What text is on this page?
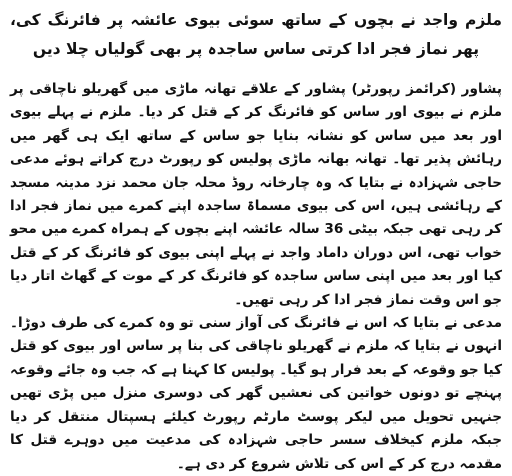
ملزم واجد نے بچوں کے ساتھ سوئی بیوی عائشہ پر فائرنگ کی، پھر نماز فجر ادا کرتی ساس ساجدہ پر بھی گولیاں چلا دیں

پشاور (کرائمز رپورٹر) پشاور کے علاقے تھانہ ماڑی میں گھریلو ناچاقی پر ملزم نے بیوی اور ساس کو فائرنگ کر کے قتل کر دیا۔ ملزم نے پہلے بیوی اور بعد میں ساس کو نشانہ بنایا جو ساس کے ساتھ ایک ہی گھر میں رہائش پذیر تھا۔ تھانہ بھانہ ماڑی پولیس کو رپورٹ درج کراتے ہوئے مدعی حاجی شہزادہ نے بتایا کہ وہ چارخانہ روڈ محلہ جان محمد نزد مدینہ مسجد کے رہائشی ہیں، اس کی بیوی مسماۃ ساجدہ اپنے کمرے میں نماز فجر ادا کر رہی تھی جبکہ بیٹی 36 سالہ عائشہ اپنے بچوں کے ہمراہ کمرے میں محو خواب تھی، اس دوران داماد واجد نے پہلے اپنی بیوی کو فائرنگ کر کے قتل کیا اور بعد میں اپنی ساس ساجدہ کو فائرنگ کر کے موت کے گھاٹ اتار دیا جو اس وقت نماز فجر ادا کر رہی تھیں۔

مدعی نے بتایا کہ اس نے فائرنگ کی آواز سنی تو وہ کمرے کی طرف دوڑا۔ انہوں نے بتایا کہ ملزم نے گھریلو ناچاقی کی بنا پر ساس اور بیوی کو قتل کیا جو وقوعہ کے بعد فرار ہو گیا۔ پولیس کا کہنا ہے کہ جب وہ جائے وقوعہ پہنچے تو دونوں خواتین کی نعشیں گھر کی دوسری منزل میں پڑی تھیں جنہیں تحویل میں لیکر پوسٹ مارٹم رپورٹ کیلئے ہسپتال منتقل کر دیا جبکہ ملزم کیخلاف سسر حاجی شہزادہ کی مدعیت میں دوہرے قتل کا مقدمہ درج کر کے اس کی تلاش شروع کر دی ہے۔
